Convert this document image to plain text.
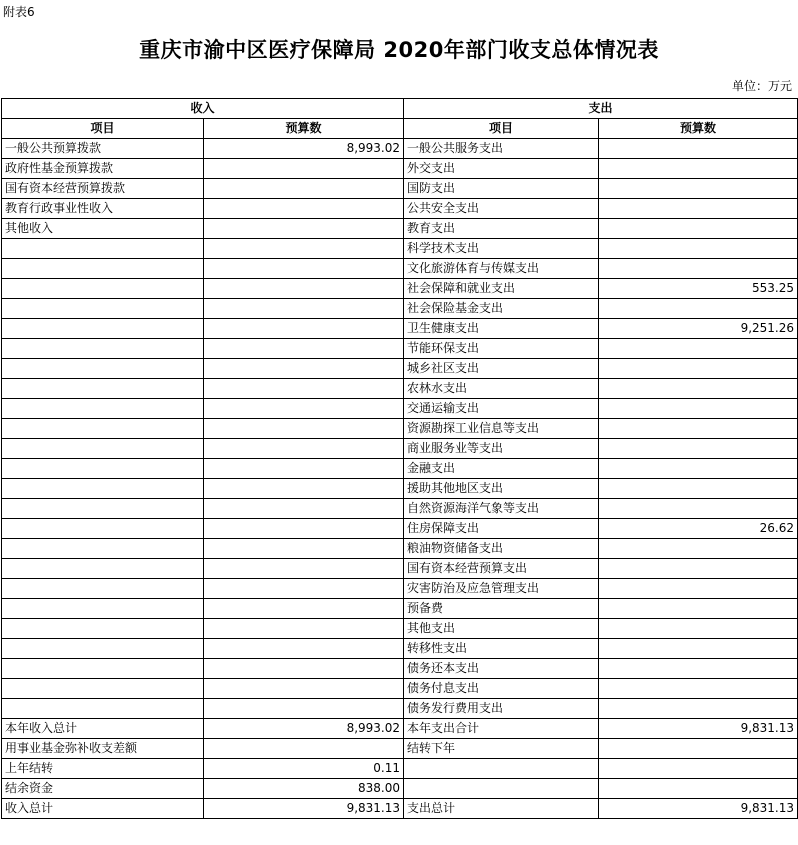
附表6
重庆市渝中区医疗保障局 2020年部门收支总体情况表
单位：万元
收入		支出	
项目	预算数	项目	预算数
一般公共预算拨款	8,993.02	一般公共服务支出	
政府性基金预算拨款		外交支出	
国有资本经营预算拨款		国防支出	
教育行政事业性收入		公共安全支出	
其他收入		教育支出	
		科学技术支出	
		文化旅游体育与传媒支出	
		社会保障和就业支出	553.25
		社会保险基金支出	
		卫生健康支出	9,251.26
		节能环保支出	
		城乡社区支出	
		农林水支出	
		交通运输支出	
		资源勘探工业信息等支出	
		商业服务业等支出	
		金融支出	
		援助其他地区支出	
		自然资源海洋气象等支出	
		住房保障支出	26.62
		粮油物资储备支出	
		国有资本经营预算支出	
		灾害防治及应急管理支出	
		预备费	
		其他支出	
		转移性支出	
		债务还本支出	
		债务付息支出	
		债务发行费用支出	
本年收入总计	8,993.02	本年支出合计	9,831.13
用事业基金弥补收支差额		结转下年	
上年结转	0.11		
结余资金	838.00		
收入总计	9,831.13	支出总计	9,831.13
